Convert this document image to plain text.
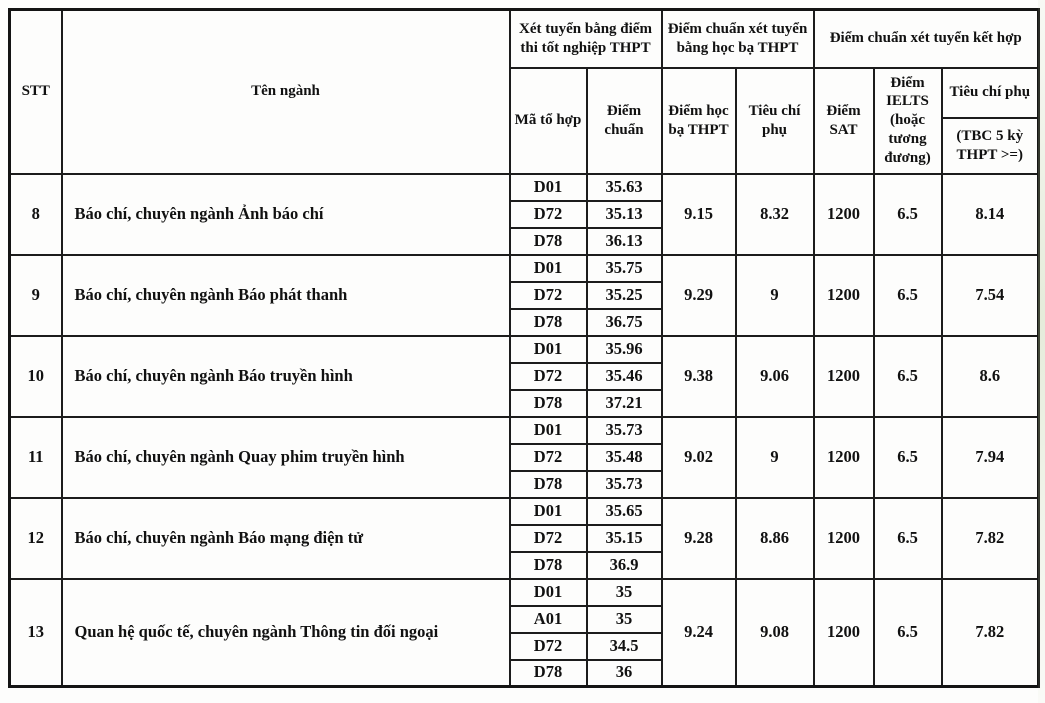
STT	Tên ngành	Xét tuyển bằng điểm thi tốt nghiệp THPT		Điểm chuẩn xét tuyển bằng học bạ THPT		Điểm chuẩn xét tuyển kết hợp		
		Mã tổ hợp	Điểm chuẩn	Điểm học bạ THPT	Tiêu chí phụ	Điểm SAT	Điểm IELTS (hoặc tương đương)	Tiêu chí phụ
								(TBC 5 kỳ THPT >=)
8	Báo chí, chuyên ngành Ảnh báo chí	D01	35.63	9.15	8.32	1200	6.5	8.14
		D72	35.13					
		D78	36.13					
9	Báo chí, chuyên ngành Báo phát thanh	D01	35.75	9.29	9	1200	6.5	7.54
		D72	35.25					
		D78	36.75					
10	Báo chí, chuyên ngành Báo truyền hình	D01	35.96	9.38	9.06	1200	6.5	8.6
		D72	35.46					
		D78	37.21					
11	Báo chí, chuyên ngành Quay phim truyền hình	D01	35.73	9.02	9	1200	6.5	7.94
		D72	35.48					
		D78	35.73					
12	Báo chí, chuyên ngành Báo mạng điện tử	D01	35.65	9.28	8.86	1200	6.5	7.82
		D72	35.15					
		D78	36.9					
13	Quan hệ quốc tế, chuyên ngành Thông tin đối ngoại	D01	35	9.24	9.08	1200	6.5	7.82
		A01	35					
		D72	34.5					
		D78	36					
